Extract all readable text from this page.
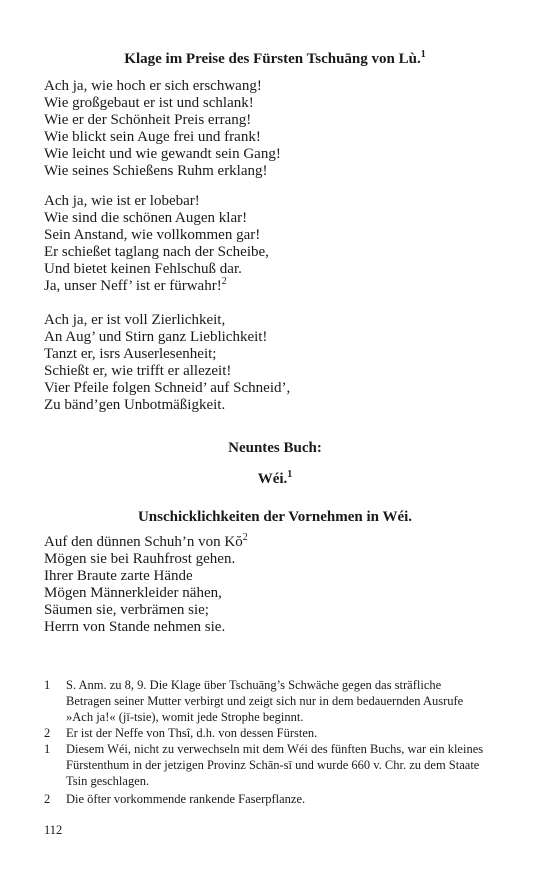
Klage im Preise des Fürsten Tschuāng von Lù.$^1$
Ach ja, wie hoch er sich erschwang!
Wie großgebaut er ist und schlank!
Wie er der Schönheit Preis errang!
Wie blickt sein Auge frei und frank!
Wie leicht und wie gewandt sein Gang!
Wie seines Schießens Ruhm erklang!
Ach ja, wie ist er lobebar!
Wie sind die schönen Augen klar!
Sein Anstand, wie vollkommen gar!
Er schießet taglang nach der Scheibe,
Und bietet keinen Fehlschuß dar.
Ja, unser Neff’ ist er fürwahr!$^2$
Ach ja, er ist voll Zierlichkeit,
An Aug’ und Stirn ganz Lieblichkeit!
Tanzt er, isrs Auserlesenheit;
Schießt er, wie trifft er allezeit!
Vier Pfeile folgen Schneid’ auf Schneid’,
Zu bänd’gen Unbotmäßigkeit.
Neuntes Buch:
Wéi.$^1$
Unschicklichkeiten der Vornehmen in Wéi.
Auf den dünnen Schuh’n von $Kŏ^2$
Mögen sie bei Rauhfrost gehen.
Ihrer Braute zarte Hände
Mögen Männerkleider nähen,
Säumen sie, verbrämen sie;
Herrn von Stande nehmen sie.
1	S. Anm. zu 8, 9. Die Klage über Tschuāng’s Schwäche gegen das sträfliche Betragen seiner Mutter verbirgt und zeigt sich nur in dem bedauernden Ausrufe »Ach ja!« (jī-tsie), womit jede Strophe beginnt.
2	Er ist der Neffe von Thsî, d.h. von dessen Fürsten.
1	Diesem Wéi, nicht zu verwechseln mit dem Wéi des fünften Buchs, war ein kleines Fürstenthum in der jetzigen Provinz Schān-sī und wurde 660 v. Chr. zu dem Staate Tsin geschlagen.
2	Die öfter vorkommende rankende Faserpflanze.
112
